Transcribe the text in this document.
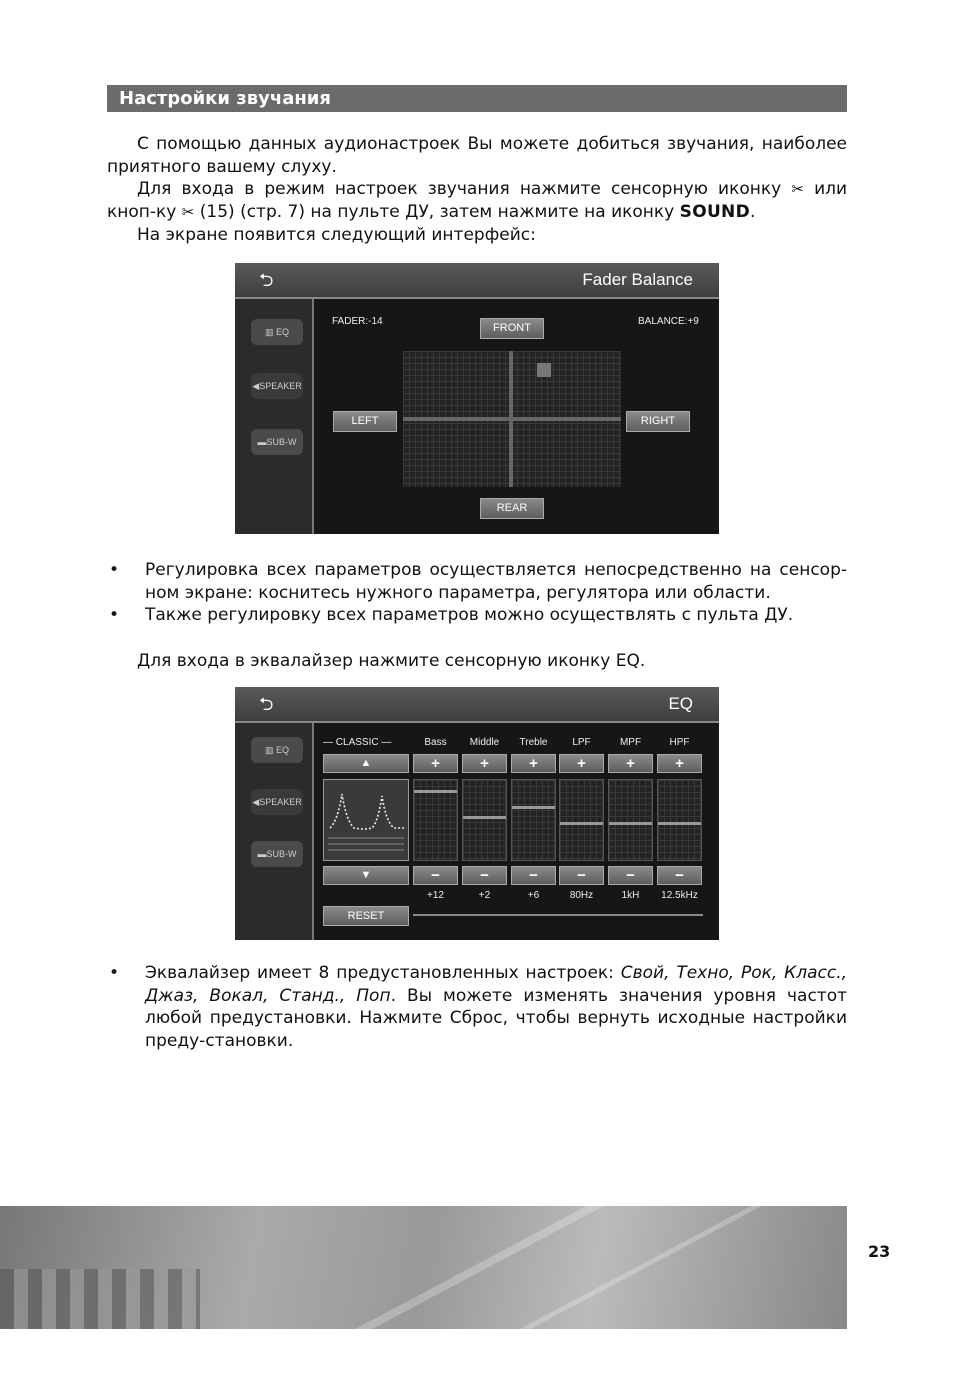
Настройки звучания

С помощью данных аудионастроек Вы можете добиться звучания, наиболее приятного вашему слуху.

Для входа в режим настроек звучания нажмите сенсорную иконку ✂ или кноп-ку ✂ (15) (стр. 7) на пульте ДУ, затем нажмите на иконку SOUND.

На экране появится следующий интерфейс:

⮌	Fader Balance
▥ EQ
◀SPEAKER
▬SUB-W
FADER:-14	BALANCE:+9
FRONT
LEFT	RIGHT
REAR
• Регулировка всех параметров осуществляется непосредственно на сенсор-ном экране: коснитесь нужного параметра, регулятора или области.
• Также регулировку всех параметров можно осуществлять с пульта ДУ.

Для входа в эквалайзер нажмите сенсорную иконку EQ.

⮌	EQ
▥ EQ
◀SPEAKER
▬SUB-W
— CLASSIC —
▲
▼
RESET
Bass
+
−
+12
Middle
+
−
+2
Treble
+
−
+6
LPF
+
−
80Hz
MPF
+
−
1kH
HPF
+
−
12.5kHz
• Эквалайзер имеет 8 предустановленных настроек: Свой, Техно, Рок, Класс., Джаз, Вокал, Станд., Поп. Вы можете изменять значения уровня частот любой предустановки. Нажмите Сброс, чтобы вернуть исходные настройки преду-становки.
23
